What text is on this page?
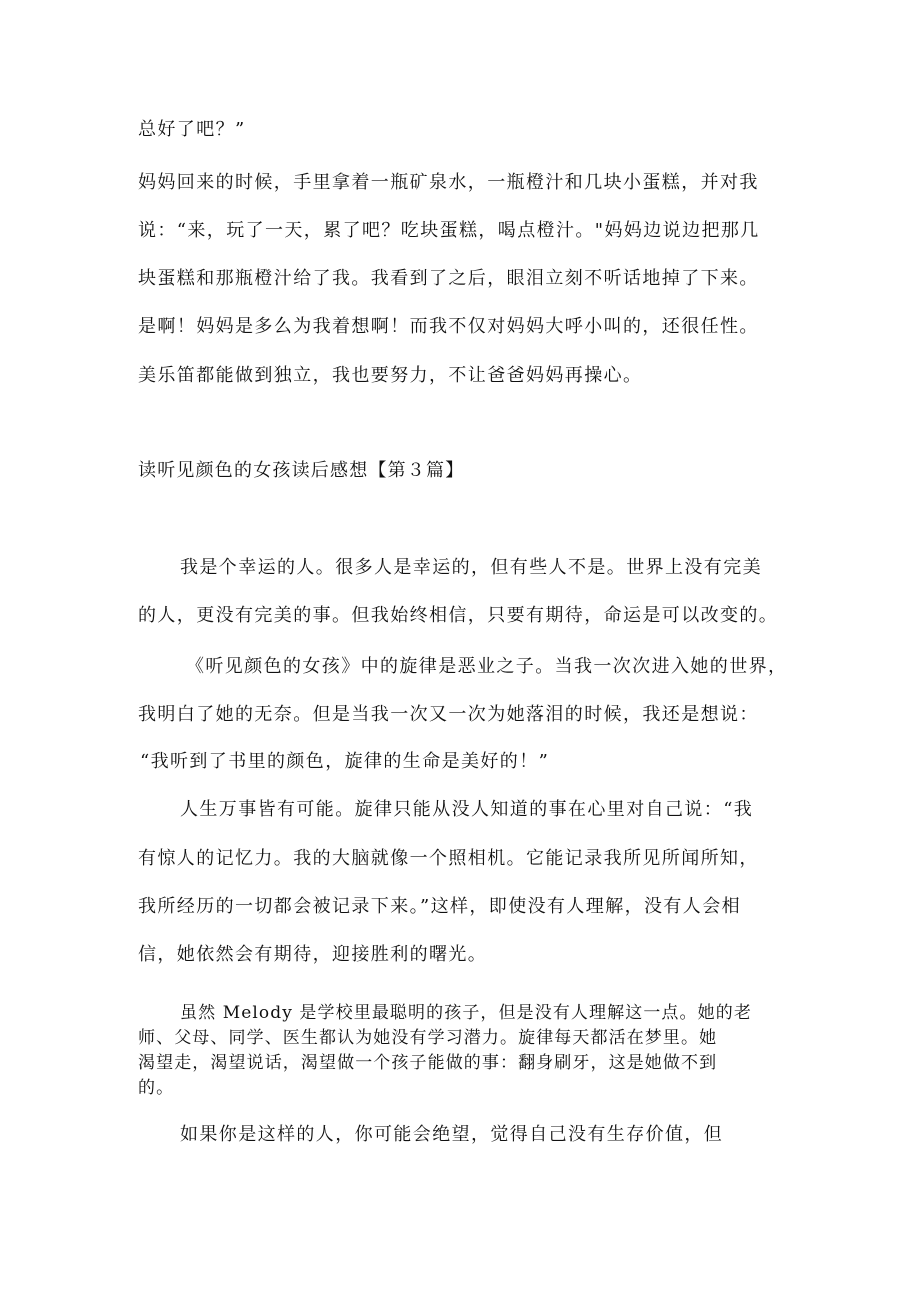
总好了吧？”
妈妈回来的时候，手里拿着一瓶矿泉水，一瓶橙汁和几块小蛋糕，并对我
说：“来，玩了一天，累了吧？吃块蛋糕，喝点橙汁。"妈妈边说边把那几
块蛋糕和那瓶橙汁给了我。我看到了之后，眼泪立刻不听话地掉了下来。
是啊！妈妈是多么为我着想啊！而我不仅对妈妈大呼小叫的，还很任性。
美乐笛都能做到独立，我也要努力，不让爸爸妈妈再操心。
读听见颜色的女孩读后感想【第３篇】
我是个幸运的人。很多人是幸运的，但有些人不是。世界上没有完美
的人，更没有完美的事。但我始终相信，只要有期待，命运是可以改变的。
《听见颜色的女孩》中的旋律是恶业之子。当我一次次进入她的世界，
我明白了她的无奈。但是当我一次又一次为她落泪的时候，我还是想说：
“我听到了书里的颜色，旋律的生命是美好的！”
人生万事皆有可能。旋律只能从没人知道的事在心里对自己说：“我
有惊人的记忆力。我的大脑就像一个照相机。它能记录我所见所闻所知，
我所经历的一切都会被记录下来。”这样，即使没有人理解，没有人会相
信，她依然会有期待，迎接胜利的曙光。
虽然 Melody 是学校里最聪明的孩子，但是没有人理解这一点。她的老
师、父母、同学、医生都认为她没有学习潜力。旋律每天都活在梦里。她
渴望走，渴望说话，渴望做一个孩子能做的事：翻身刷牙，这是她做不到
的。
如果你是这样的人，你可能会绝望，觉得自己没有生存价值，但
